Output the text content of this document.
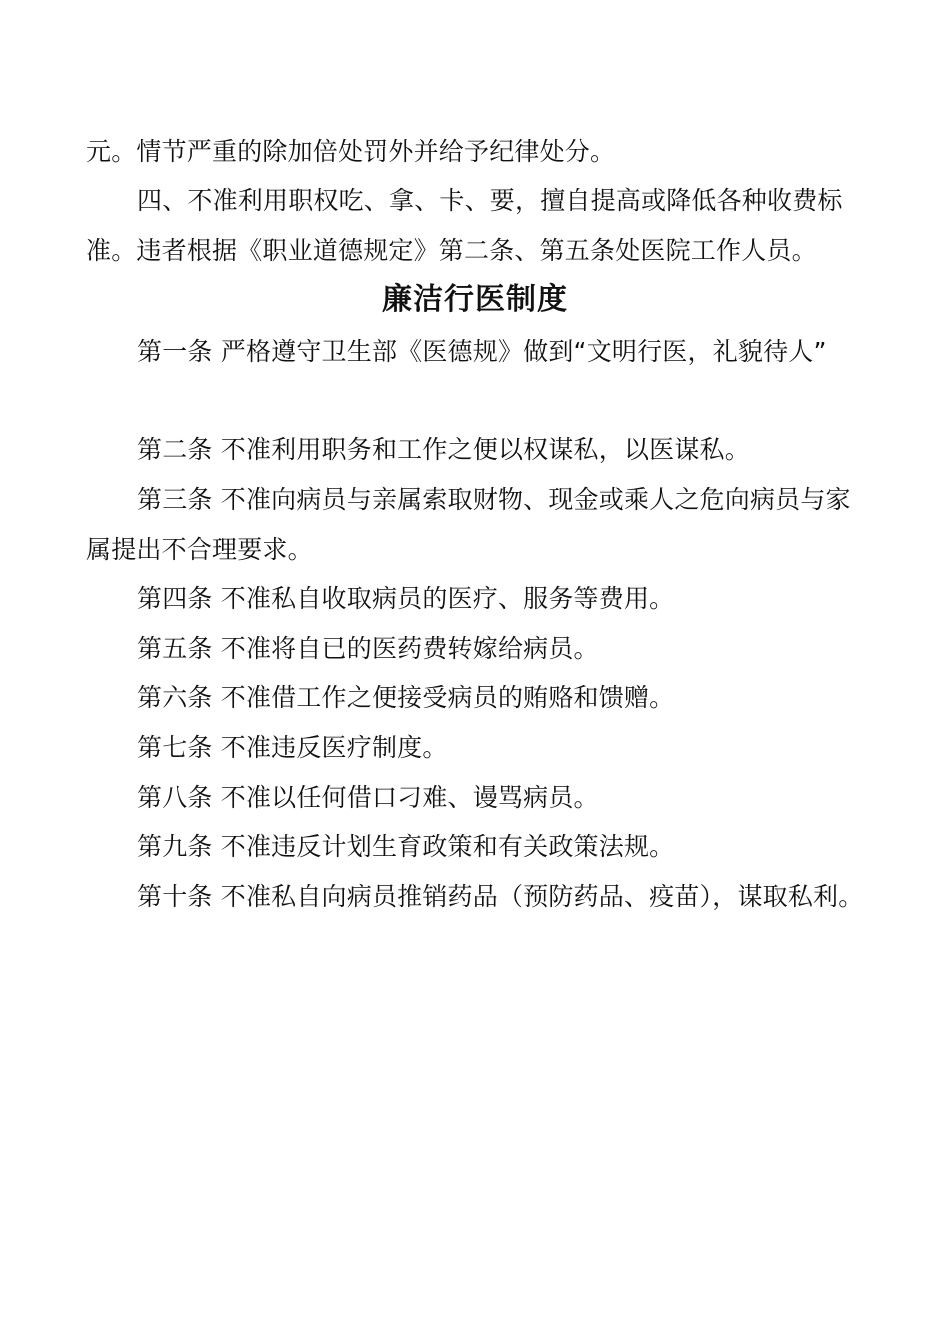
元。情节严重的除加倍处罚外并给予纪律处分。
四、不准利用职权吃、拿、卡、要，擅自提高或降低各种收费标
准。违者根据《职业道德规定》第二条、第五条处医院工作人员。
廉洁行医制度
第一条 严格遵守卫生部《医德规》做到“文明行医，礼貌待人”
第二条 不准利用职务和工作之便以权谋私，以医谋私。
第三条 不准向病员与亲属索取财物、现金或乘人之危向病员与家
属提出不合理要求。
第四条 不准私自收取病员的医疗、服务等费用。
第五条 不准将自已的医药费转嫁给病员。
第六条 不准借工作之便接受病员的贿赂和馈赠。
第七条 不准违反医疗制度。
第八条 不准以任何借口刁难、谩骂病员。
第九条 不准违反计划生育政策和有关政策法规。
第十条 不准私自向病员推销药品（预防药品、疫苗），谋取私利。
